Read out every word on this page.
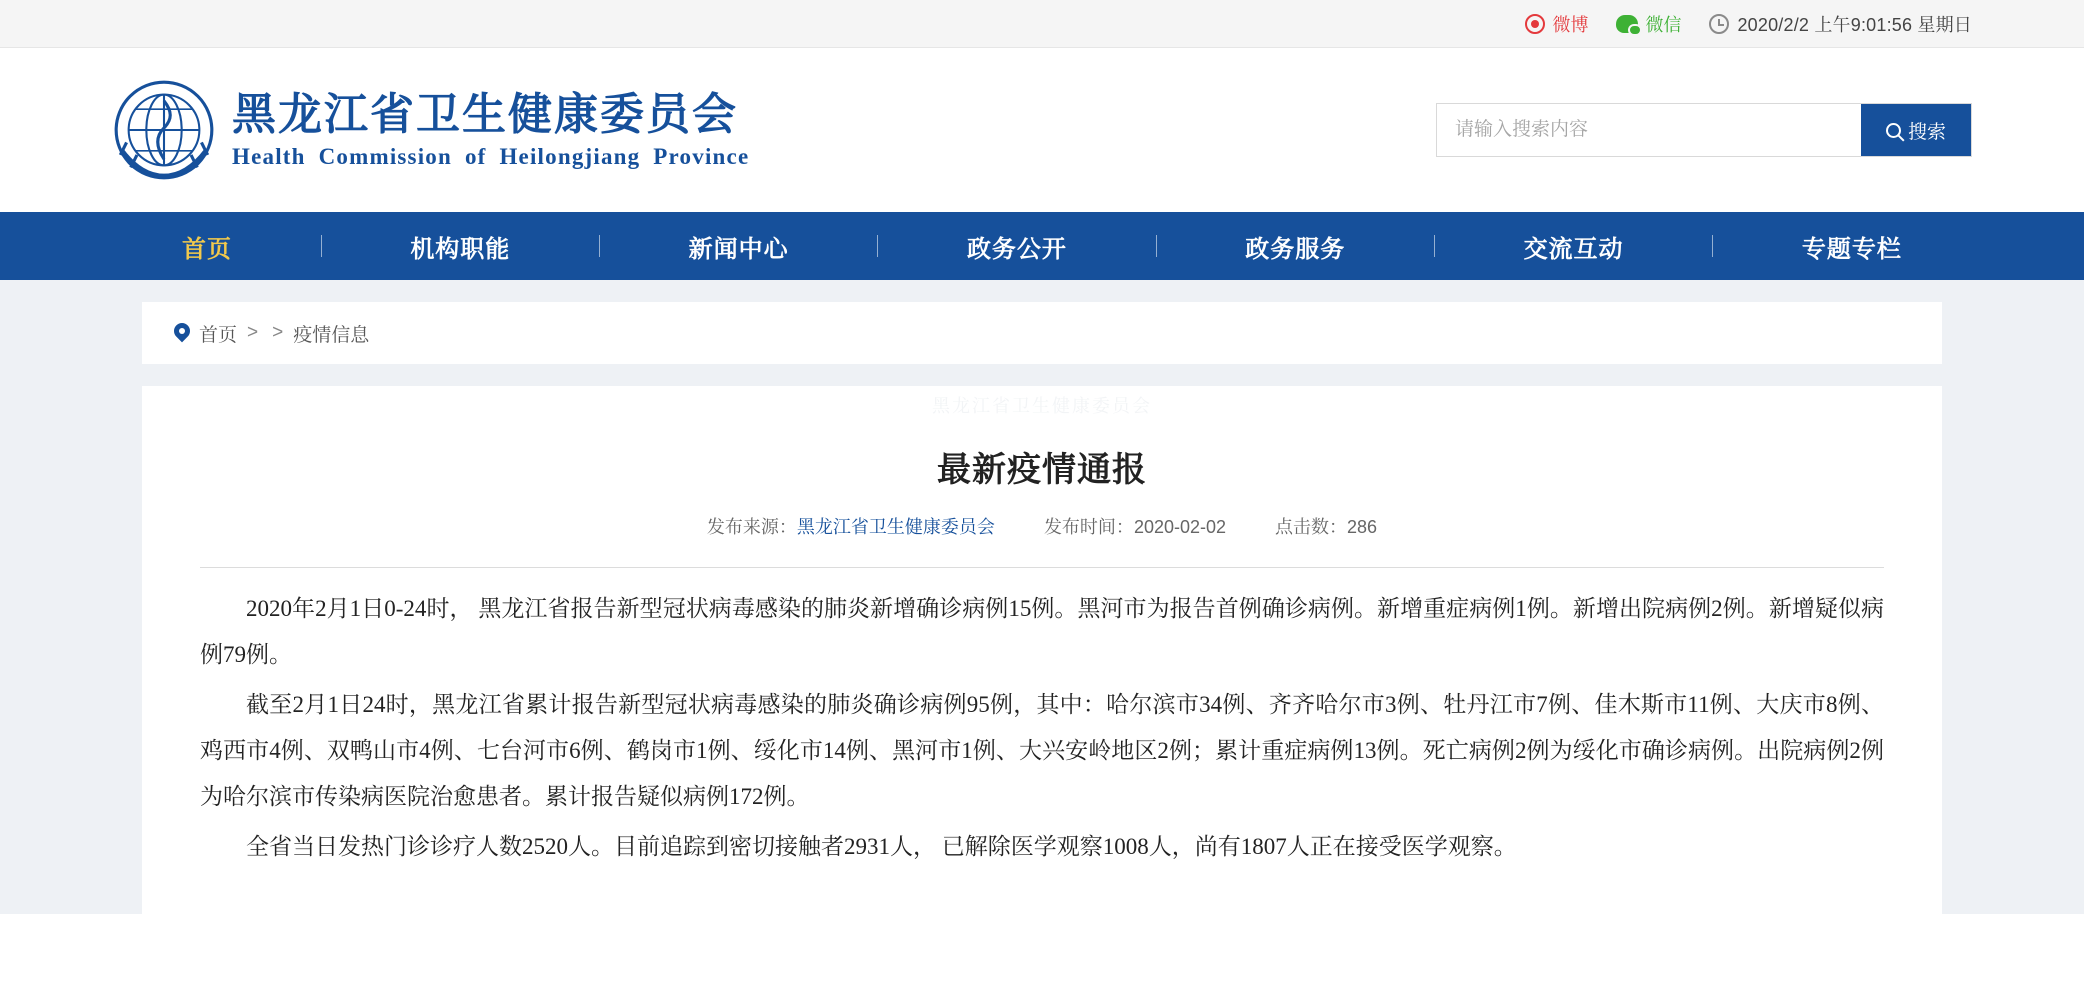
微博	微信	2020/2/2 上午9:01:56 星期日
黑龙江省卫生健康委员会
Health Commission of Heilongjiang Province
请输入搜索内容
搜索
首页	机构职能	新闻中心	政务公开	政务服务	交流互动	专题专栏
首页 > > 疫情信息
黑龙江省卫生健康委员会
最新疫情通报
发布来源：黑龙江省卫生健康委员会	发布时间：2020-02-02	点击数：286

2020年2月1日0-24时， 黑龙江省报告新型冠状病毒感染的肺炎新增确诊病例15例。黑河市为报告首例确诊病例。新增重症病例1例。新增出院病例2例。新增疑似病例79例。

截至2月1日24时，黑龙江省累计报告新型冠状病毒感染的肺炎确诊病例95例，其中：哈尔滨市34例、齐齐哈尔市3例、牡丹江市7例、佳木斯市11例、大庆市8例、鸡西市4例、双鸭山市4例、七台河市6例、鹤岗市1例、绥化市14例、黑河市1例、大兴安岭地区2例；累计重症病例13例。死亡病例2例为绥化市确诊病例。出院病例2例为哈尔滨市传染病医院治愈患者。累计报告疑似病例172例。

全省当日发热门诊诊疗人数2520人。目前追踪到密切接触者2931人， 已解除医学观察1008人，尚有1807人正在接受医学观察。
